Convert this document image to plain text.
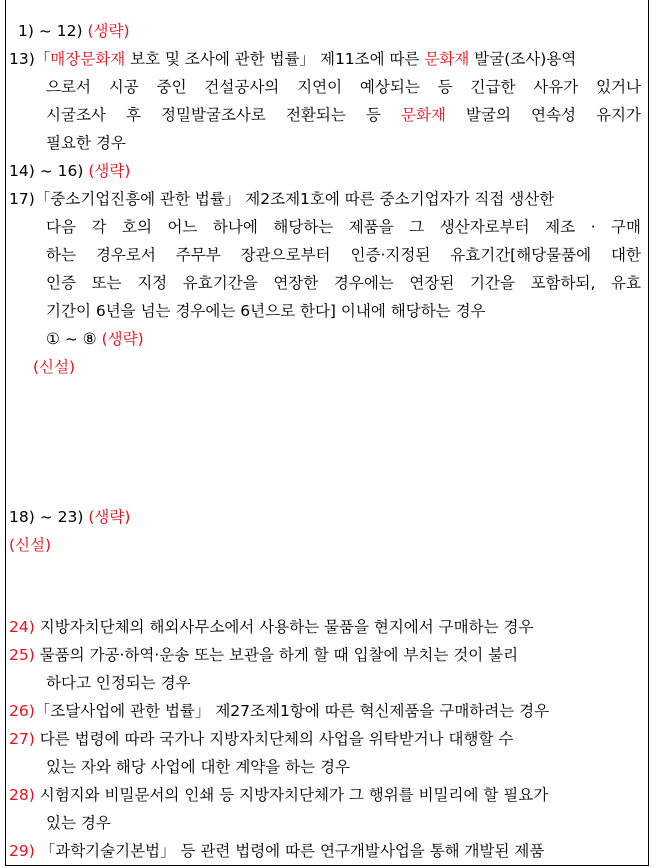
1) ~ 12) (생략)
13)「매장문화재 보호 및 조사에 관한 법률」 제11조에 따른 문화재 발굴(조사)용역
으로서 시공 중인 건설공사의 지연이 예상되는 등 긴급한 사유가 있거나
시굴조사 후 정밀발굴조사로 전환되는 등 문화재 발굴의 연속성 유지가
필요한 경우
14) ~ 16) (생략)
17)「중소기업진흥에 관한 법률」 제2조제1호에 따른 중소기업자가 직접 생산한
다음 각 호의 어느 하나에 해당하는 제품을 그 생산자로부터 제조 · 구매
하는 경우로서 주무부 장관으로부터 인증·지정된 유효기간[해당물품에 대한
인증 또는 지정 유효기간을 연장한 경우에는 연장된 기간을 포함하되, 유효
기간이 6년을 넘는 경우에는 6년으로 한다] 이내에 해당하는 경우
① ~ ⑧ (생략)
(신설)
18) ~ 23) (생략)
(신설)
24) 지방자치단체의 해외사무소에서 사용하는 물품을 현지에서 구매하는 경우
25) 물품의 가공·하역·운송 또는 보관을 하게 할 때 입찰에 부치는 것이 불리
하다고 인정되는 경우
26)「조달사업에 관한 법률」 제27조제1항에 따른 혁신제품을 구매하려는 경우
27) 다른 법령에 따라 국가나 지방자치단체의 사업을 위탁받거나 대행할 수
있는 자와 해당 사업에 대한 계약을 하는 경우
28) 시험지와 비밀문서의 인쇄 등 지방자치단체가 그 행위를 비밀리에 할 필요가
있는 경우
29) 「과학기술기본법」 등 관련 법령에 따른 연구개발사업을 통해 개발된 제품
